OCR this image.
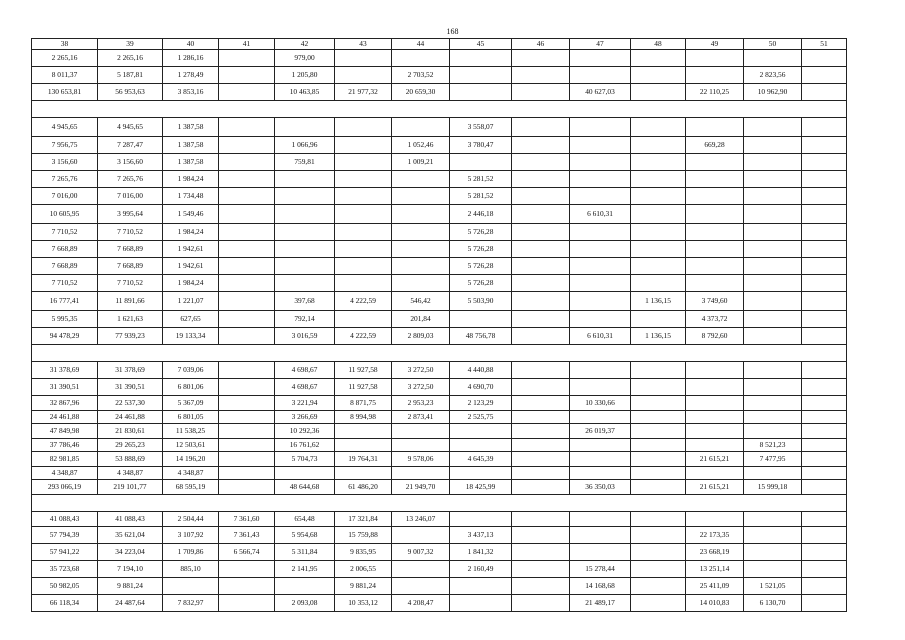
168
38	39	40	41	42	43	44	45	46	47	48	49	50	51
2 265,16	2 265,16	1 286,16		979,00									
8 011,37	5 187,81	1 278,49		1 205,80		2 703,52						2 823,56	
130 653,81	56 953,63	3 853,16		10 463,85	21 977,32	20 659,30			40 627,03		22 110,25	10 962,90	

4 945,65	4 945,65	1 387,58					3 558,07						
7 956,75	7 287,47	1 387,58		1 066,96		1 052,46	3 780,47				669,28		
3 156,60	3 156,60	1 387,58		759,81		1 009,21							
7 265,76	7 265,76	1 984,24					5 281,52						
7 016,00	7 016,00	1 734,48					5 281,52						
10 605,95	3 995,64	1 549,46					2 446,18		6 610,31				
7 710,52	7 710,52	1 984,24					5 726,28						
7 668,89	7 668,89	1 942,61					5 726,28						
7 668,89	7 668,89	1 942,61					5 726,28						
7 710,52	7 710,52	1 984,24					5 726,28						
16 777,41	11 891,66	1 221,07		397,68	4 222,59	546,42	5 503,90			1 136,15	3 749,60		
5 995,35	1 621,63	627,65		792,14		201,84					4 373,72		
94 478,29	77 939,23	19 133,34		3 016,59	4 222,59	2 809,03	48 756,78		6 610,31	1 136,15	8 792,60		

31 378,69	31 378,69	7 039,06		4 698,67	11 927,58	3 272,50	4 440,88						
31 390,51	31 390,51	6 801,06		4 698,67	11 927,58	3 272,50	4 690,70						
32 867,96	22 537,30	5 367,09		3 221,94	8 871,75	2 953,23	2 123,29		10 330,66				
24 461,88	24 461,88	6 801,05		3 266,69	8 994,98	2 873,41	2 525,75						
47 849,98	21 830,61	11 538,25		10 292,36					26 019,37				
37 786,46	29 265,23	12 503,61		16 761,62								8 521,23	
82 981,85	53 888,69	14 196,20		5 704,73	19 764,31	9 578,06	4 645,39				21 615,21	7 477,95	
4 348,87	4 348,87	4 348,87											
293 066,19	219 101,77	68 595,19		48 644,68	61 486,20	21 949,70	18 425,99		36 350,03		21 615,21	15 999,18	

41 088,43	41 088,43	2 504,44	7 361,60	654,48	17 321,84	13 246,07							
57 794,39	35 621,04	3 107,92	7 361,43	5 954,68	15 759,88		3 437,13				22 173,35		
57 941,22	34 223,04	1 709,86	6 566,74	5 311,84	9 835,95	9 007,32	1 841,32				23 668,19		
35 723,68	7 194,10	885,10		2 141,95	2 006,55		2 160,49		15 278,44		13 251,14		
50 982,05	9 881,24				9 881,24				14 168,68		25 411,09	1 521,05	
66 118,34	24 487,64	7 832,97		2 093,08	10 353,12	4 208,47			21 489,17		14 010,83	6 130,70	
